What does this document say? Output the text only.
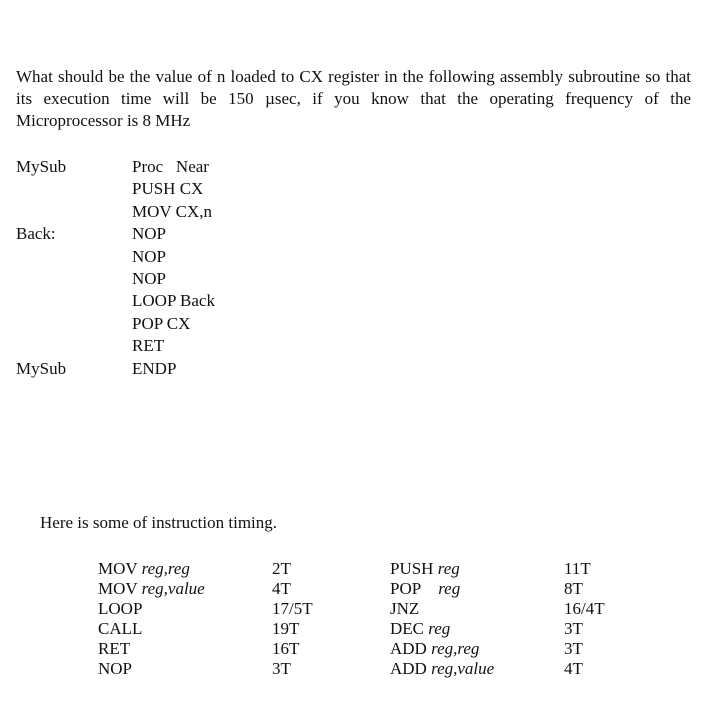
What should be the value of n loaded to CX register in the following assembly subroutine so that its execution time will be 150 µsec, if you know that the operating frequency of the Microprocessor is 8 MHz

MySub	Proc   Near
PUSH CX
MOV CX,n
Back:	NOP
NOP
NOP
LOOP Back
POP CX
RET
MySub	ENDP

Here is some of instruction timing.

MOV reg,reg	2T	PUSH reg	11T
MOV reg,value	4T	POP reg	8T
LOOP	17/5T	JNZ	16/4T
CALL	19T	DEC reg	3T
RET	16T	ADD reg,reg	3T
NOP	3T	ADD reg,value	4T
